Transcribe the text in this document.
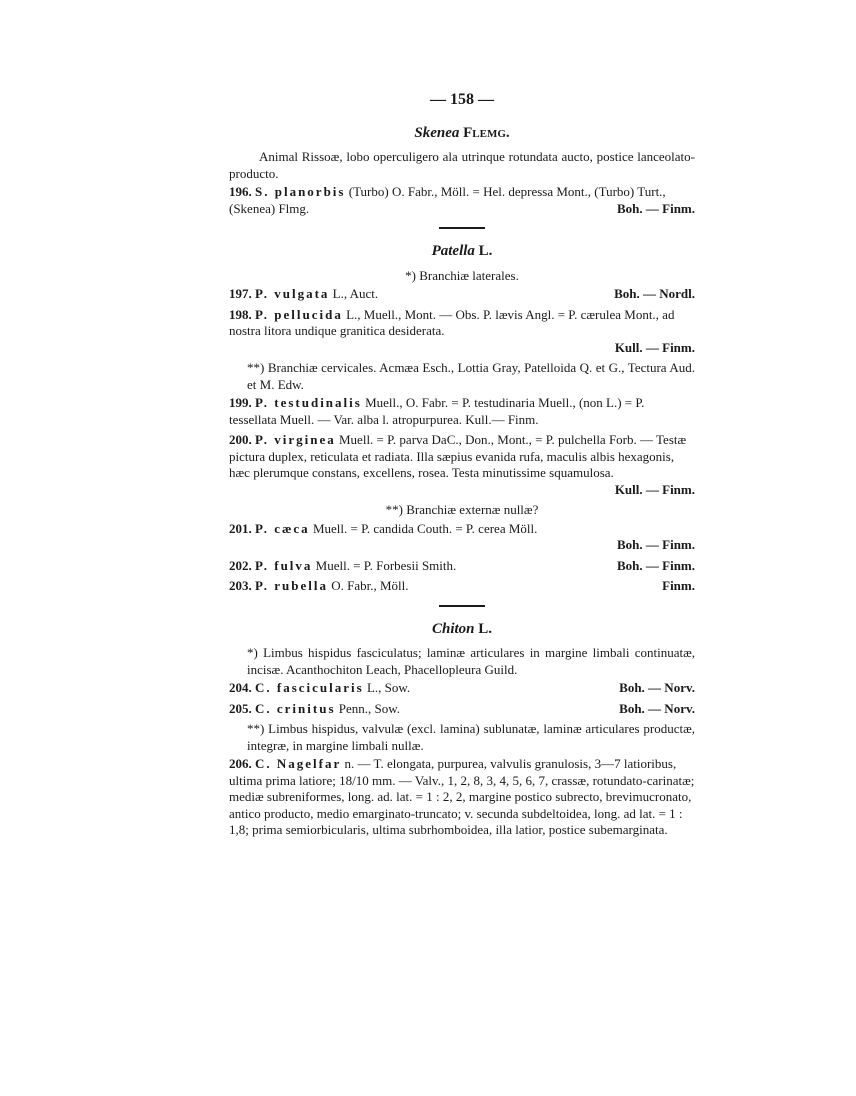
— 158 —
Skenea Flemg.

Animal Rissoæ, lobo operculigero ala utrinque rotundata aucto, postice lanceolato-producto.

196. S. planorbis (Turbo) O. Fabr., Möll. = Hel. depressa Mont., (Turbo) Turt., (Skenea) Flmg.	Boh. — Finm.
Patella L.

*) Branchiæ laterales.

197. P. vulgata L., Auct.	Boh. — Nordl.
198. P. pellucida L., Muell., Mont. — Obs. P. lævis Angl. = P. cærulea Mont., ad nostra litora undique granitica desiderata.
Kull. — Finm.

**) Branchiæ cervicales. Acmæa Esch., Lottia Gray, Patelloida Q. et G., Tectura Aud. et M. Edw.

199. P. testudinalis Muell., O. Fabr. = P. testudinaria Muell., (non L.) = P. tessellata Muell. — Var. alba l. atropurpurea. Kull.— Finm.
200. P. virginea Muell. = P. parva DaC., Don., Mont., = P. pulchella Forb. — Testæ pictura duplex, reticulata et radiata. Illa sæpius evanida rufa, maculis albis hexagonis, hæc plerumque constans, excellens, rosea. Testa minutissime squamulosa.
Kull. — Finm.

**) Branchiæ externæ nullæ?

201. P. cæca Muell. = P. candida Couth. = P. cerea Möll.
Boh. — Finm.
202. P. fulva Muell. = P. Forbesii Smith.	Boh. — Finm.
203. P. rubella O. Fabr., Möll.	Finm.
Chiton L.

*) Limbus hispidus fasciculatus; laminæ articulares in margine limbali continuatæ, incisæ. Acanthochiton Leach, Phacellopleura Guild.

204. C. fascicularis L., Sow.	Boh. — Norv.
205. C. crinitus Penn., Sow.	Boh. — Norv.

**) Limbus hispidus, valvulæ (excl. lamina) sublunatæ, laminæ articulares productæ, integræ, in margine limbali nullæ.

206. C. Nagelfar n. — T. elongata, purpurea, valvulis granulosis, 3—7 latioribus, ultima prima latiore; 18/10 mm. — Valv., 1, 2, 8, 3, 4, 5, 6, 7, crassæ, rotundato-carinatæ; mediæ subreniformes, long. ad. lat. = 1 : 2, 2, margine postico subrecto, brevimucronato, antico producto, medio emarginato-truncato; v. secunda subdeltoidea, long. ad lat. = 1 : 1,8; prima semiorbicularis, ultima subrhomboidea, illa latior, postice subemarginata.
